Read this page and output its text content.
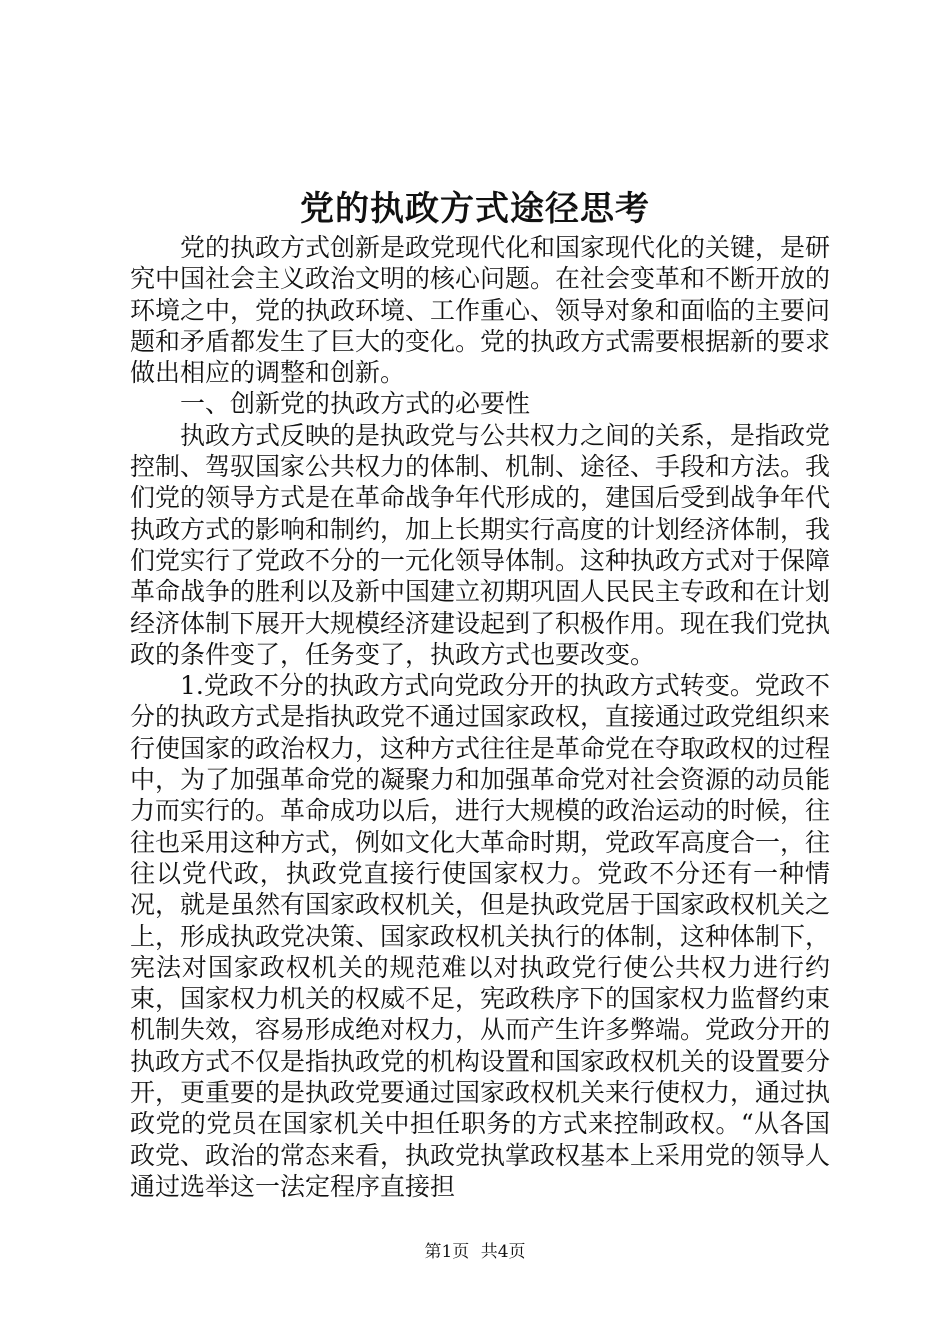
党的执政方式途径思考

党的执政方式创新是政党现代化和国家现代化的关键，是研究中国社会主义政治文明的核心问题。在社会变革和不断开放的环境之中，党的执政环境、工作重心、领导对象和面临的主要问题和矛盾都发生了巨大的变化。党的执政方式需要根据新的要求做出相应的调整和创新。

一、创新党的执政方式的必要性

执政方式反映的是执政党与公共权力之间的关系，是指政党控制、驾驭国家公共权力的体制、机制、途径、手段和方法。我们党的领导方式是在革命战争年代形成的，建国后受到战争年代执政方式的影响和制约，加上长期实行高度的计划经济体制，我们党实行了党政不分的一元化领导体制。这种执政方式对于保障革命战争的胜利以及新中国建立初期巩固人民民主专政和在计划经济体制下展开大规模经济建设起到了积极作用。现在我们党执政的条件变了，任务变了，执政方式也要改变。

1.党政不分的执政方式向党政分开的执政方式转变。党政不分的执政方式是指执政党不通过国家政权，直接通过政党组织来行使国家的政治权力，这种方式往往是革命党在夺取政权的过程中，为了加强革命党的凝聚力和加强革命党对社会资源的动员能力而实行的。革命成功以后，进行大规模的政治运动的时候，往往也采用这种方式，例如文化大革命时期，党政军高度合一，往往以党代政，执政党直接行使国家权力。党政不分还有一种情况，就是虽然有国家政权机关，但是执政党居于国家政权机关之上，形成执政党决策、国家政权机关执行的体制，这种体制下，宪法对国家政权机关的规范难以对执政党行使公共权力进行约束，国家权力机关的权威不足，宪政秩序下的国家权力监督约束机制失效，容易形成绝对权力，从而产生许多弊端。党政分开的执政方式不仅是指执政党的机构设置和国家政权机关的设置要分开，更重要的是执政党要通过国家政权机关来行使权力，通过执政党的党员在国家机关中担任职务的方式来控制政权。“从各国政党、政治的常态来看，执政党执掌政权基本上采用党的领导人通过选举这一法定程序直接担

第1页 共4页
